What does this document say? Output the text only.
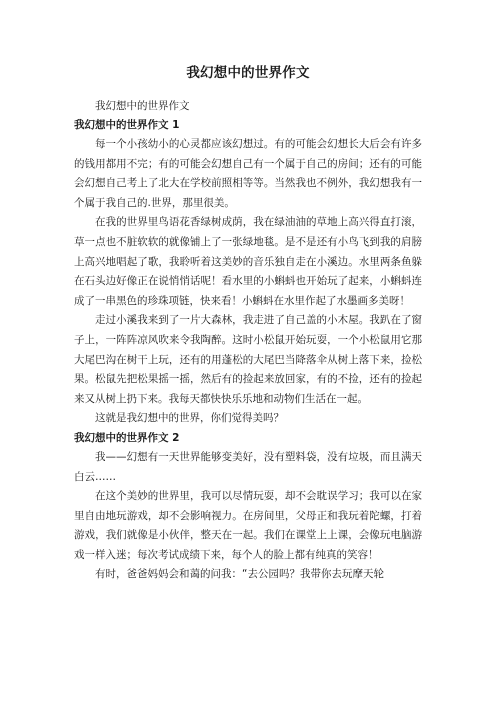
我幻想中的世界作文

我幻想中的世界作文

我幻想中的世界作文 1

每一个小孩幼小的心灵都应该幻想过。有的可能会幻想长大后会有许多的钱用都用不完；有的可能会幻想自己有一个属于自己的房间；还有的可能会幻想自己考上了北大在学校前照相等等。当然我也不例外，我幻想我有一个属于我自己的.世界，那里很美。

在我的世界里鸟语花香绿树成荫，我在绿油油的草地上高兴得直打滚，草一点也不脏软软的就像铺上了一张绿地毯。是不是还有小鸟飞到我的肩膀上高兴地唱起了歌，我聆听着这美妙的音乐独自走在小溪边。水里两条鱼躲在石头边好像正在说悄悄话呢！看水里的小蝌蚪也开始玩了起来，小蝌蚪连成了一串黑色的珍珠项链，快来看！小蝌蚪在水里作起了水墨画多美呀！

走过小溪我来到了一片大森林，我走进了自己盖的小木屋。我趴在了窗子上，一阵阵凉风吹来令我陶醉。这时小松鼠开始玩耍，一个小松鼠用它那大尾巴沟在树干上玩，还有的用蓬松的大尾巴当降落伞从树上落下来，捡松果。松鼠先把松果摇一摇，然后有的捡起来放回家，有的不捡，还有的捡起来又从树上扔下来。我每天都快快乐乐地和动物们生活在一起。

这就是我幻想中的世界，你们觉得美吗？

我幻想中的世界作文 2

我——幻想有一天世界能够变美好，没有塑料袋，没有垃圾，而且满天白云……

在这个美妙的世界里，我可以尽情玩耍，却不会耽误学习；我可以在家里自由地玩游戏，却不会影响视力。在房间里，父母正和我玩着陀螺，打着游戏，我们就像是小伙伴，整天在一起。我们在课堂上上课，会像玩电脑游戏一样入迷；每次考试成绩下来，每个人的脸上都有纯真的笑容！

有时，爸爸妈妈会和蔼的问我：“去公园吗？我带你去玩摩天轮
